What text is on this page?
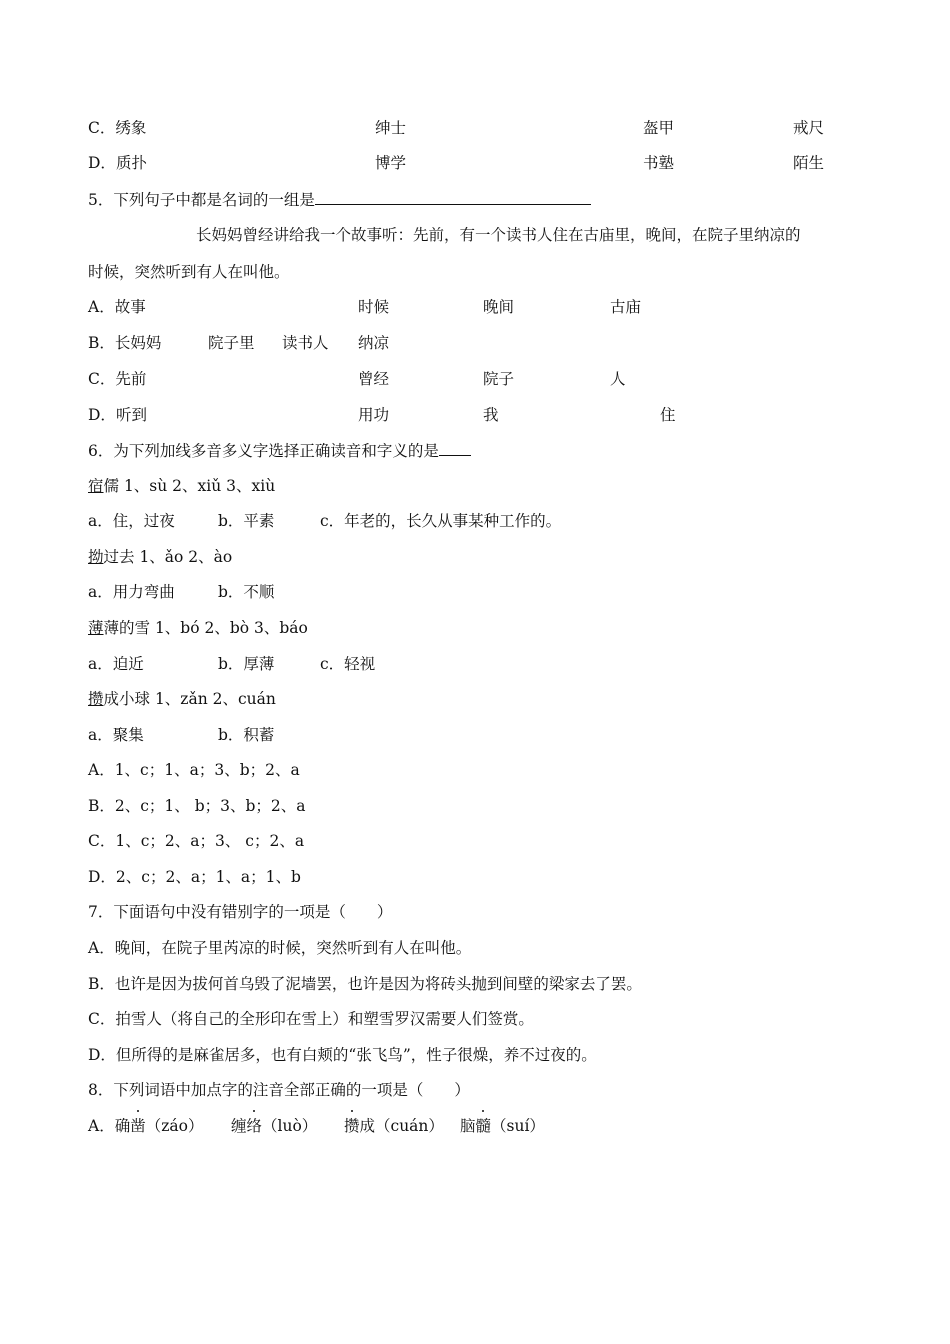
C．绣象	绅士	盔甲	戒尺
D．质扑	博学	书塾	陌生
5．下列句子中都是名词的一组是
长妈妈曾经讲给我一个故事听：先前，有一个读书人住在古庙里，晚间，在院子里纳凉的
时候，突然听到有人在叫他。
A．故事	时候	晚间	古庙
B．长妈妈	院子里 读书人 纳凉
C．先前	曾经	院子	人
D．听到	用功	我	住
6．为下列加线多音多义字选择正确读音和字义的是
宿儒 1、sù 2、xiǔ 3、xiù
a．住，过夜	b．平素	c．年老的，长久从事某种工作的。
拗过去 1、ǎo 2、ào
a．用力弯曲	b．不顺
薄薄的雪 1、bó 2、bò 3、báo
a．迫近	b．厚薄	c．轻视
攒成小球 1、zǎn 2、cuán
a．聚集	b．积蓄
A．1、c；1、a；3、b；2、a
B．2、c；1、 b；3、b；2、a
C．1、c；2、a；3、 c；2、a
D．2、c；2、a；1、a；1、b
7．下面语句中没有错别字的一项是（　　）
A．晚间，在院子里芮凉的时候，突然听到有人在叫他。
B．也许是因为拔何首乌毁了泥墙罢，也许是因为将砖头抛到间壁的梁家去了罢。
C．拍雪人（将自己的全形印在雪上）和塑雪罗汉需要人们签赏。
D．但所得的是麻雀居多，也有白颊的“张飞鸟”，性子很燥，养不过夜的。
8．下列词语中加点字的注音全部正确的一项是（　　）
A．确凿（záo） 缠络（luò） 攒成（cuán） 脑髓（suí）
